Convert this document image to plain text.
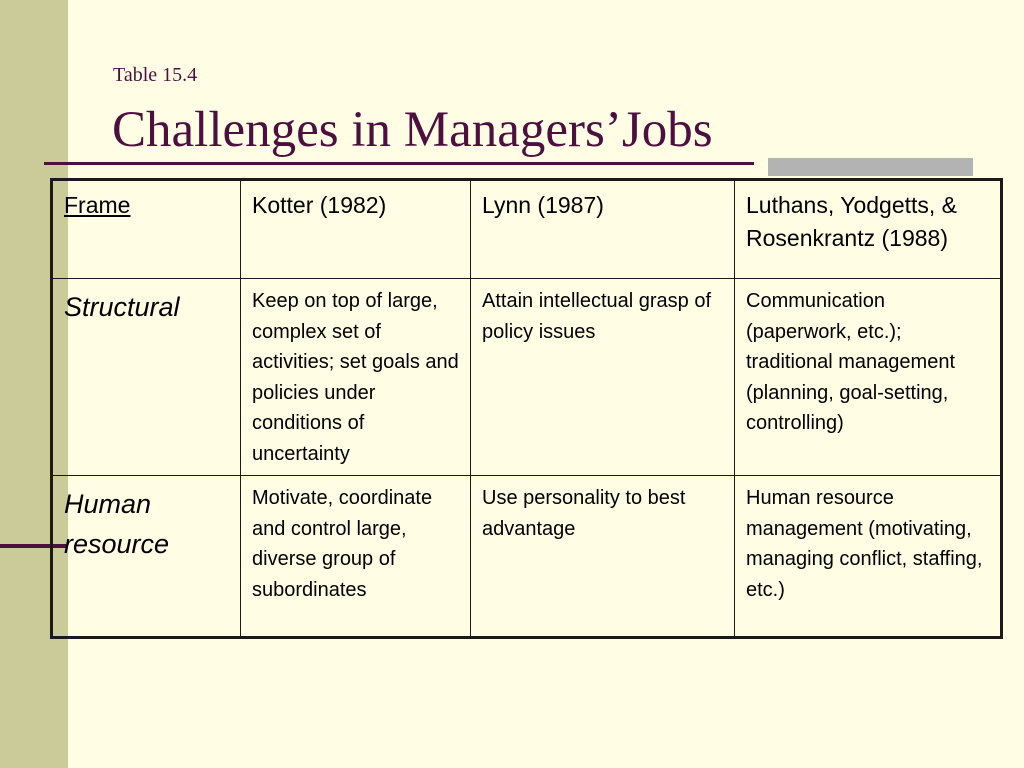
Table 15.4

Challenges in Managers’Jobs
Frame	Kotter (1982)	Lynn (1987)	Luthans, Yodgetts, & Rosenkrantz (1988)
Structural	Keep on top of large, complex set of activities; set goals and policies under conditions of uncertainty	Attain intellectual grasp of policy issues	Communication (paperwork, etc.); traditional management (planning, goal-setting, controlling)
Human resource	Motivate, coordinate and control large, diverse group of subordinates	Use personality to best advantage	Human resource management (motivating, managing conflict, staffing, etc.)
